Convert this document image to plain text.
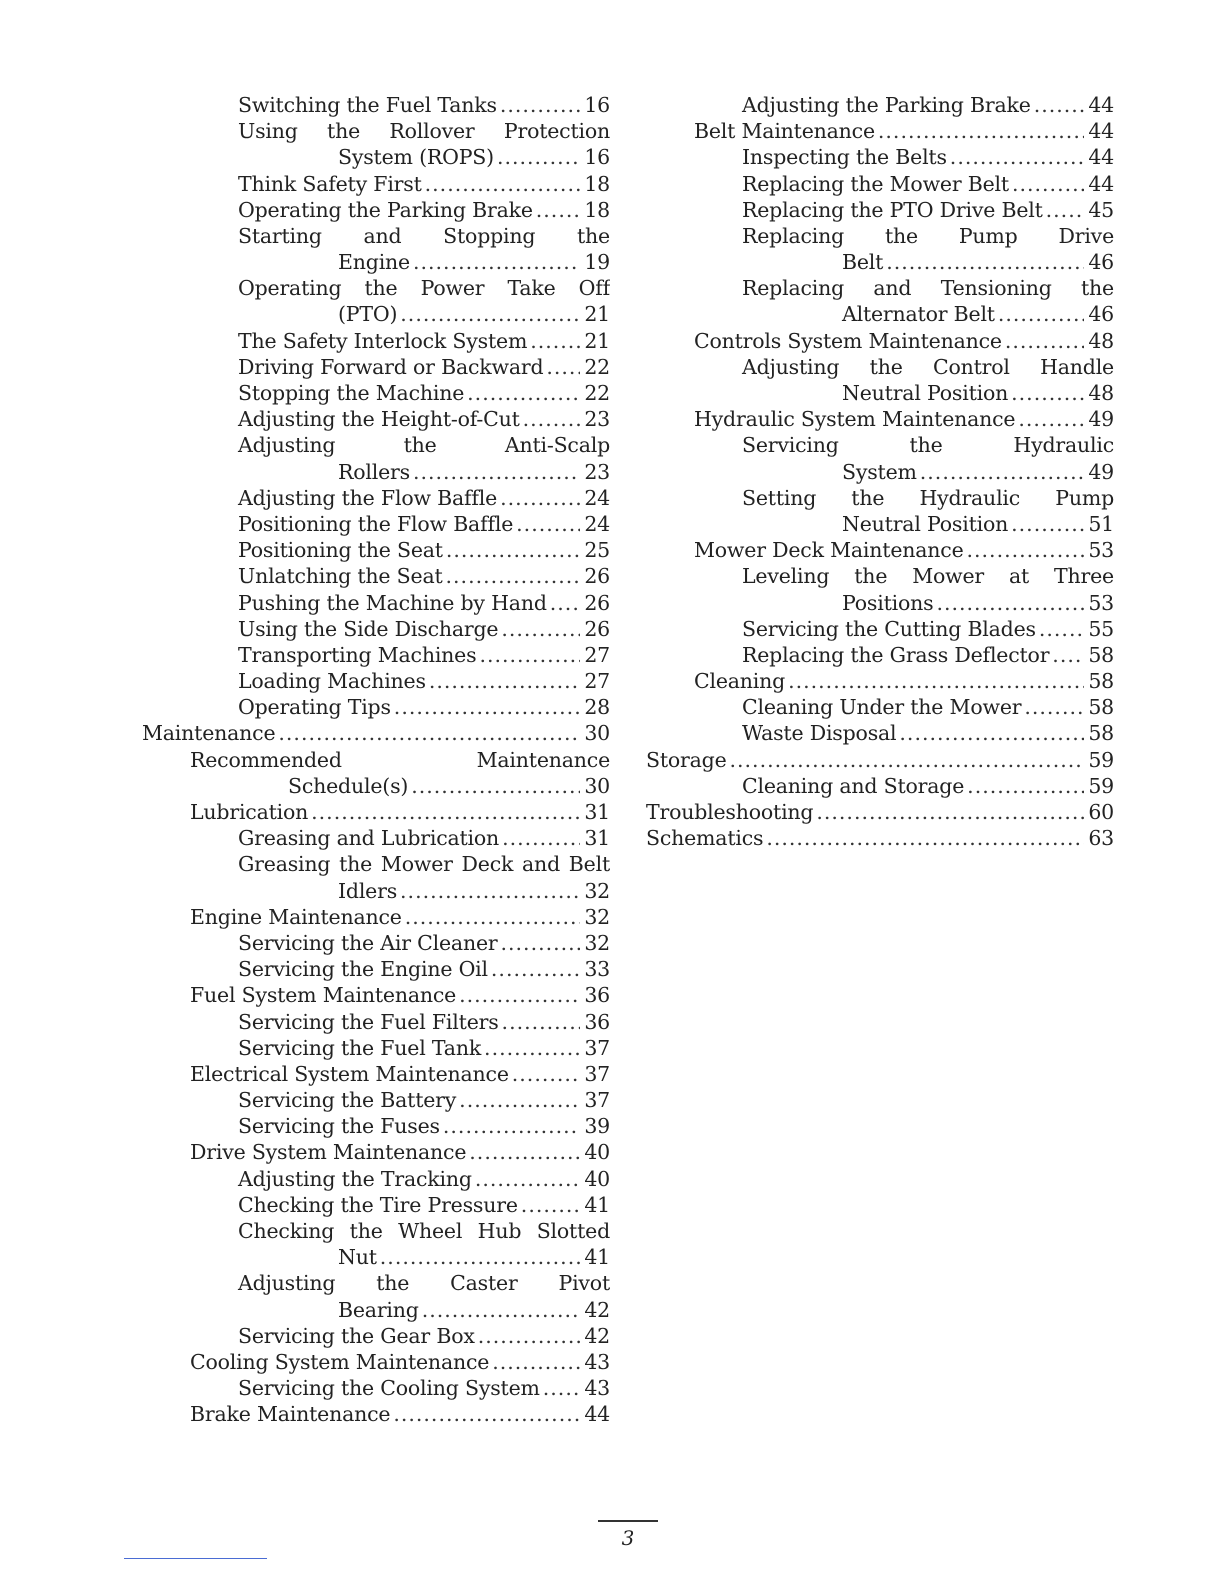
Switching the Fuel Tanks .....	16
Using the Rollover Protection
System (ROPS) .....	16
Think Safety First .....	18
Operating the Parking Brake .....	18
Starting and Stopping the
Engine .....	19
Operating the Power Take Off
(PTO) .....	21
The Safety Interlock System .....	21
Driving Forward or Backward ..... 22
Stopping the Machine .....	22
Adjusting the Height-of-Cut .....	23
Adjusting the Anti-Scalp
Rollers .....	23
Adjusting the Flow Baffle .....	24
Positioning the Flow Baffle .....	24
Positioning the Seat .....	25
Unlatching the Seat .....	26
Pushing the Machine by Hand ..... 26
Using the Side Discharge .....	26
Transporting Machines .....	27
Loading Machines .....	27
Operating Tips .....	28
Maintenance .....	30
Recommended Maintenance
Schedule(s) .....	30
Lubrication .....	31
Greasing and Lubrication .....	31
Greasing the Mower Deck and Belt
Idlers .....	32
Engine Maintenance .....	32
Servicing the Air Cleaner .....	32
Servicing the Engine Oil .....	33
Fuel System Maintenance .....	36
Servicing the Fuel Filters .....	36
Servicing the Fuel Tank .....	37
Electrical System Maintenance .....	37
Servicing the Battery .....	37
Servicing the Fuses .....	39
Drive System Maintenance .....	40
Adjusting the Tracking .....	40
Checking the Tire Pressure .....	41
Checking the Wheel Hub Slotted
Nut .....	41
Adjusting the Caster Pivot
Bearing .....	42
Servicing the Gear Box .....	42
Cooling System Maintenance .....	43
Servicing the Cooling System ..... 43
Brake Maintenance .....	44
Adjusting the Parking Brake .....	44
Belt Maintenance .....	44
Inspecting the Belts .....	44
Replacing the Mower Belt .....	44
Replacing the PTO Drive Belt ..... 45
Replacing the Pump Drive
Belt .....	46
Replacing and Tensioning the
Alternator Belt .....	46
Controls System Maintenance .....	48
Adjusting the Control Handle
Neutral Position .....	48
Hydraulic System Maintenance .....	49
Servicing the Hydraulic
System .....	49
Setting the Hydraulic Pump
Neutral Position .....	51
Mower Deck Maintenance .....	53
Leveling the Mower at Three
Positions .....	53
Servicing the Cutting Blades .....	55
Replacing the Grass Deflector ..... 58
Cleaning .....	58
Cleaning Under the Mower .....	58
Waste Disposal .....	58
Storage .....	59
Cleaning and Storage .....	59
Troubleshooting .....	60
Schematics .....	63
3
